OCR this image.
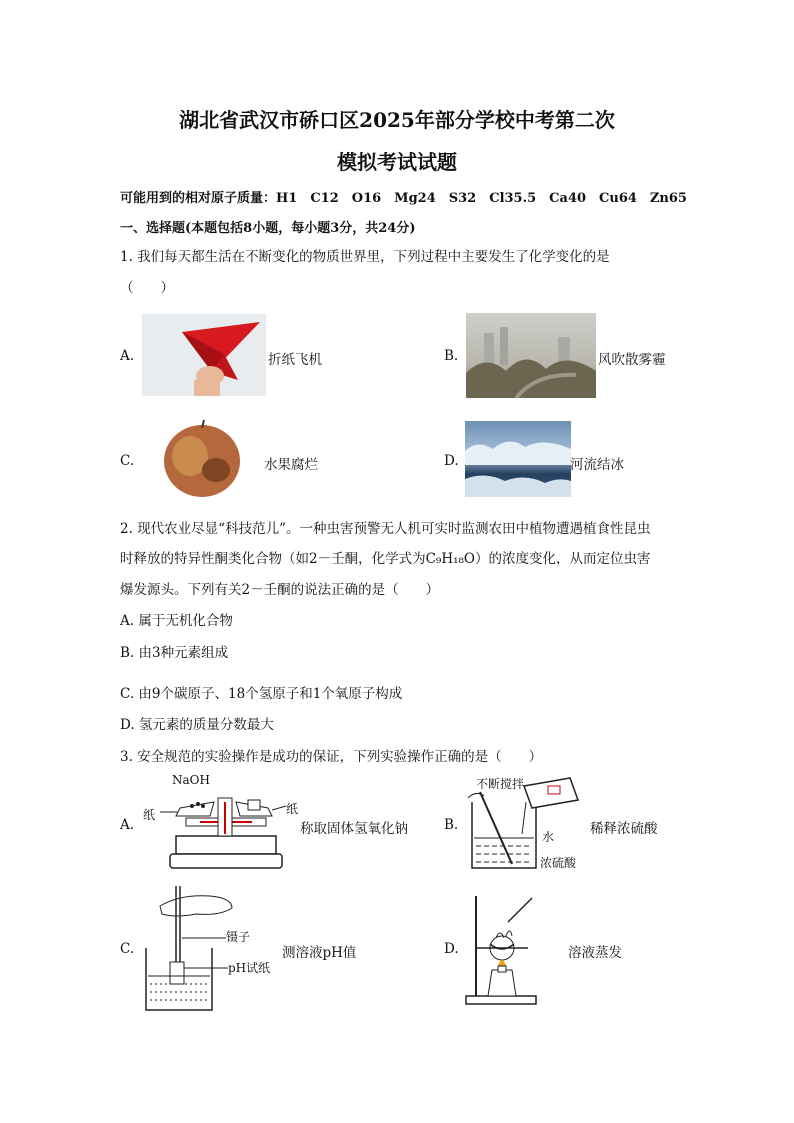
湖北省武汉市硚口区2025年部分学校中考第二次
模拟考试试题
可能用到的相对原子质量：H1　C12　O16　Mg24　S32　Cl35.5　Ca40　Cu64　Zn65
一、选择题(本题包括8小题，每小题3分，共24分)
1. 我们每天都生活在不断变化的物质世界里，下列过程中主要发生了化学变化的是
（　　）
A.	折纸飞机	B.	风吹散雾霾
C.	水果腐烂	D.	河流结冰
2. 现代农业尽显“科技范儿”。一种虫害预警无人机可实时监测农田中植物遭遇植食性昆虫
时释放的特异性酮类化合物（如2－壬酮，化学式为C₉H₁₈O）的浓度变化，从而定位虫害
爆发源头。下列有关2－壬酮的说法正确的是（　　）
A. 属于无机化合物
B. 由3种元素组成
C. 由9个碳原子、18个氢原子和1个氧原子构成
D. 氢元素的质量分数最大
3. 安全规范的实验操作是成功的保证，下列实验操作正确的是（　　）
A.
NaOH
纸	纸
称取固体氢氧化钠	B.
不断搅拌
水
浓硫酸
稀释浓硫酸
C.
镊子
pH试纸
测溶液pH值	D.	溶液蒸发
